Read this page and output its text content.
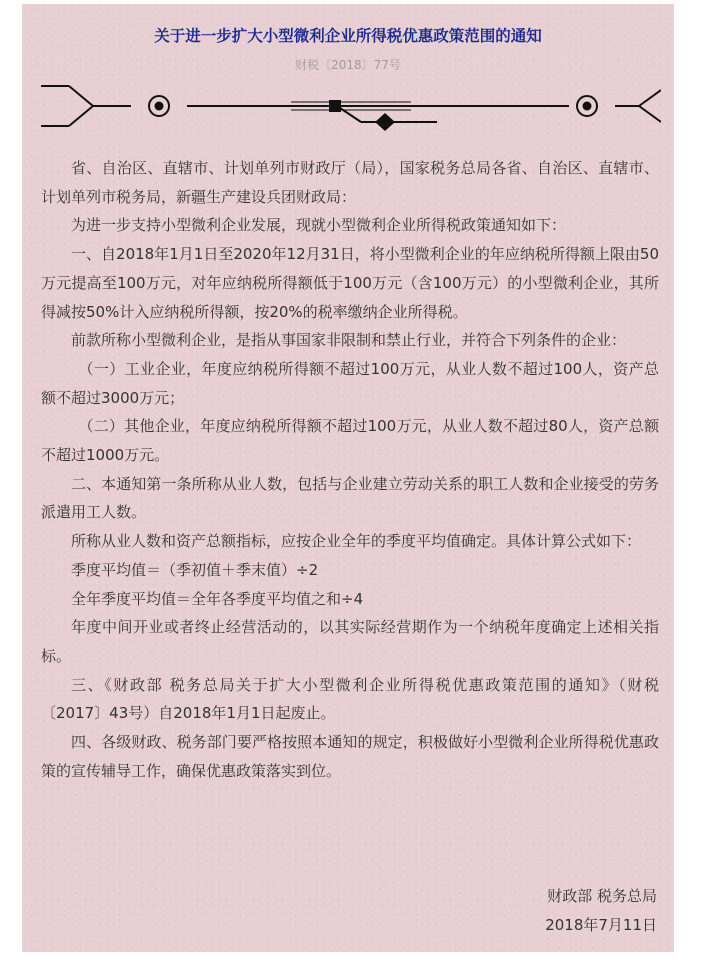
关于进一步扩大小型微利企业所得税优惠政策范围的通知
财税〔2018〕77号

省、自治区、直辖市、计划单列市财政厅（局），国家税务总局各省、自治区、直辖市、计划单列市税务局，新疆生产建设兵团财政局：

为进一步支持小型微利企业发展，现就小型微利企业所得税政策通知如下：

一、自2018年1月1日至2020年12月31日，将小型微利企业的年应纳税所得额上限由50万元提高至100万元，对年应纳税所得额低于100万元（含100万元）的小型微利企业，其所得减按50%计入应纳税所得额，按20%的税率缴纳企业所得税。

前款所称小型微利企业，是指从事国家非限制和禁止行业，并符合下列条件的企业：

（一）工业企业，年度应纳税所得额不超过100万元，从业人数不超过100人，资产总额不超过3000万元；

（二）其他企业，年度应纳税所得额不超过100万元，从业人数不超过80人，资产总额不超过1000万元。

二、本通知第一条所称从业人数，包括与企业建立劳动关系的职工人数和企业接受的劳务派遣用工人数。

所称从业人数和资产总额指标，应按企业全年的季度平均值确定。具体计算公式如下：

季度平均值＝（季初值＋季末值）÷2

全年季度平均值＝全年各季度平均值之和÷4

年度中间开业或者终止经营活动的，以其实际经营期作为一个纳税年度确定上述相关指标。

三、《财政部 税务总局关于扩大小型微利企业所得税优惠政策范围的通知》（财税〔2017〕43号）自2018年1月1日起废止。

四、各级财政、税务部门要严格按照本通知的规定，积极做好小型微利企业所得税优惠政策的宣传辅导工作，确保优惠政策落实到位。

财政部 税务总局
2018年7月11日
